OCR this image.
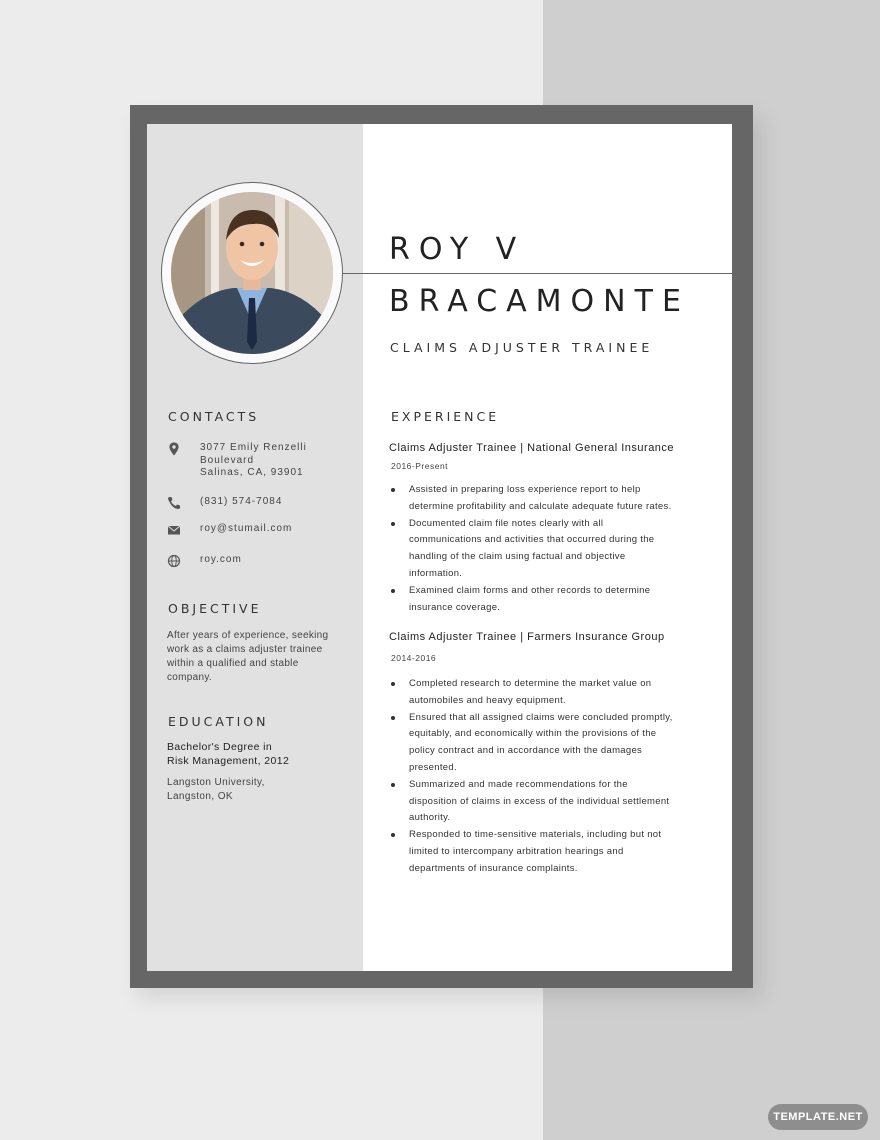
ROY V
BRACAMONTE
CLAIMS ADJUSTER TRAINEE
CONTACTS
3077 Emily Renzelli
Boulevard
Salinas, CA, 93901
(831) 574-7084
roy@stumail.com
roy.com
OBJECTIVE
After years of experience, seeking
work as a claims adjuster trainee
within a qualified and stable
company.
EDUCATION
Bachelor's Degree in
Risk Management, 2012
Langston University,
Langston, OK
EXPERIENCE
Claims Adjuster Trainee | National General Insurance
2016-Present
Assisted in preparing loss experience report to help
determine profitability and calculate adequate future rates.
Documented claim file notes clearly with all
communications and activities that occurred during the
handling of the claim using factual and objective
information.
Examined claim forms and other records to determine
insurance coverage.
Claims Adjuster Trainee | Farmers Insurance Group
2014-2016
Completed research to determine the market value on
automobiles and heavy equipment.
Ensured that all assigned claims were concluded promptly,
equitably, and economically within the provisions of the
policy contract and in accordance with the damages
presented.
Summarized and made recommendations for the
disposition of claims in excess of the individual settlement
authority.
Responded to time-sensitive materials, including but not
limited to intercompany arbitration hearings and
departments of insurance complaints.
TEMPLATE.NET
